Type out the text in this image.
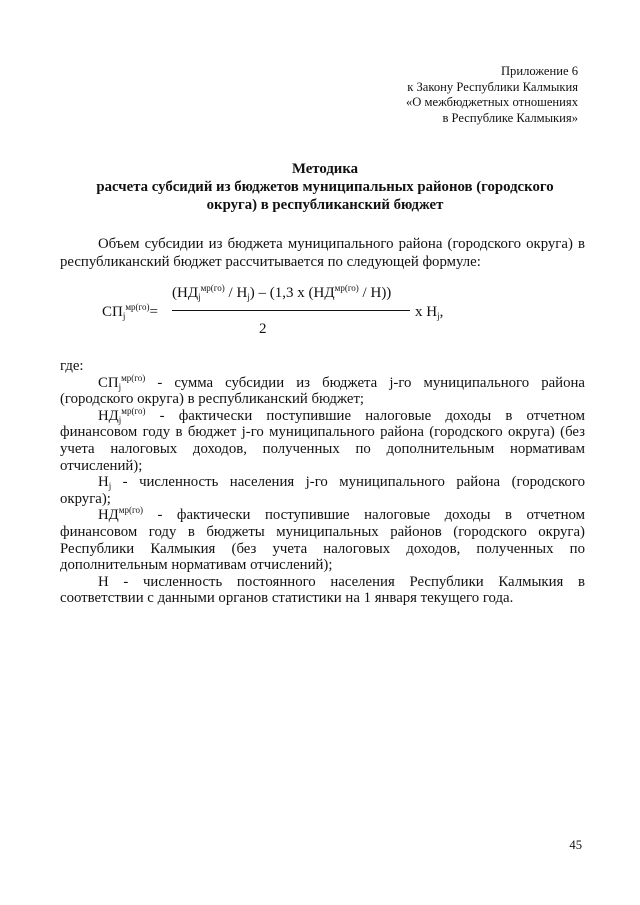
Приложение 6
к Закону Республики Калмыкия
«О межбюджетных отношениях
в Республике Калмыкия»
Методика
расчета субсидий из бюджетов муниципальных районов (городского
округа) в республиканский бюджет
Объем субсидии из бюджета муниципального района (городского округа) в республиканский бюджет рассчитывается по следующей формуле:
$СП_j^{мр(го)}=$
$(НД_j^{мр(го)} / Н_j) - (1,3$ x $(НД^{мр(го)} / Н)$)
2
x $Н_j$,

где:

$СП_j^{мр(го)}$ - сумма субсидии из бюджета j-го муниципального района (городского округа) в республиканский бюджет;

$НД_j^{мр(го)}$ - фактически поступившие налоговые доходы в отчетном финансовом году в бюджет j-го муниципального района (городского округа) (без учета налоговых доходов, полученных по дополнительным нормативам отчислений);

$Н_j$ - численность населения j-го муниципального района (городского округа);

$НД^{мр(го)}$ - фактически поступившие налоговые доходы в отчетном финансовом году в бюджеты муниципальных районов (городского округа) Республики Калмыкия (без учета налоговых доходов, полученных по дополнительным нормативам отчислений);

Н - численность постоянного населения Республики Калмыкия в соответствии с данными органов статистики на 1 января текущего года.

45
